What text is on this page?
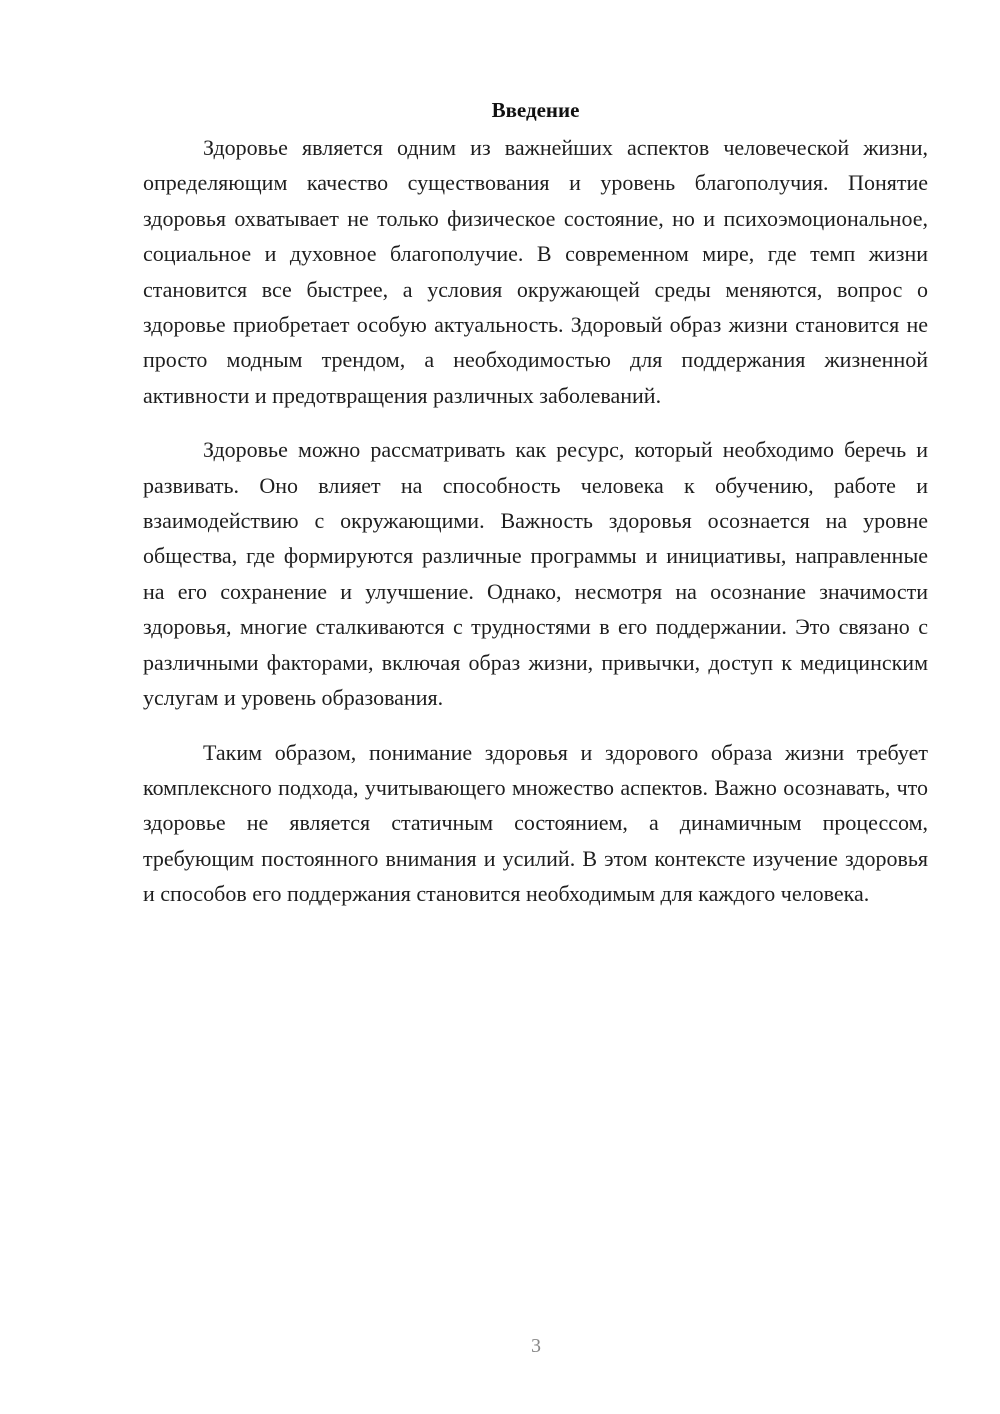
Введение

Здоровье является одним из важнейших аспектов человеческой жизни, определяющим качество существования и уровень благополучия. Понятие здоровья охватывает не только физическое состояние, но и психоэмоциональное, социальное и духовное благополучие. В современном мире, где темп жизни становится все быстрее, а условия окружающей среды меняются, вопрос о здоровье приобретает особую актуальность. Здоровый образ жизни становится не просто модным трендом, а необходимостью для поддержания жизненной активности и предотвращения различных заболеваний.

Здоровье можно рассматривать как ресурс, который необходимо беречь и развивать. Оно влияет на способность человека к обучению, работе и взаимодействию с окружающими. Важность здоровья осознается на уровне общества, где формируются различные программы и инициативы, направленные на его сохранение и улучшение. Однако, несмотря на осознание значимости здоровья, многие сталкиваются с трудностями в его поддержании. Это связано с различными факторами, включая образ жизни, привычки, доступ к медицинским услугам и уровень образования.

Таким образом, понимание здоровья и здорового образа жизни требует комплексного подхода, учитывающего множество аспектов. Важно осознавать, что здоровье не является статичным состоянием, а динамичным процессом, требующим постоянного внимания и усилий. В этом контексте изучение здоровья и способов его поддержания становится необходимым для каждого человека.

3
